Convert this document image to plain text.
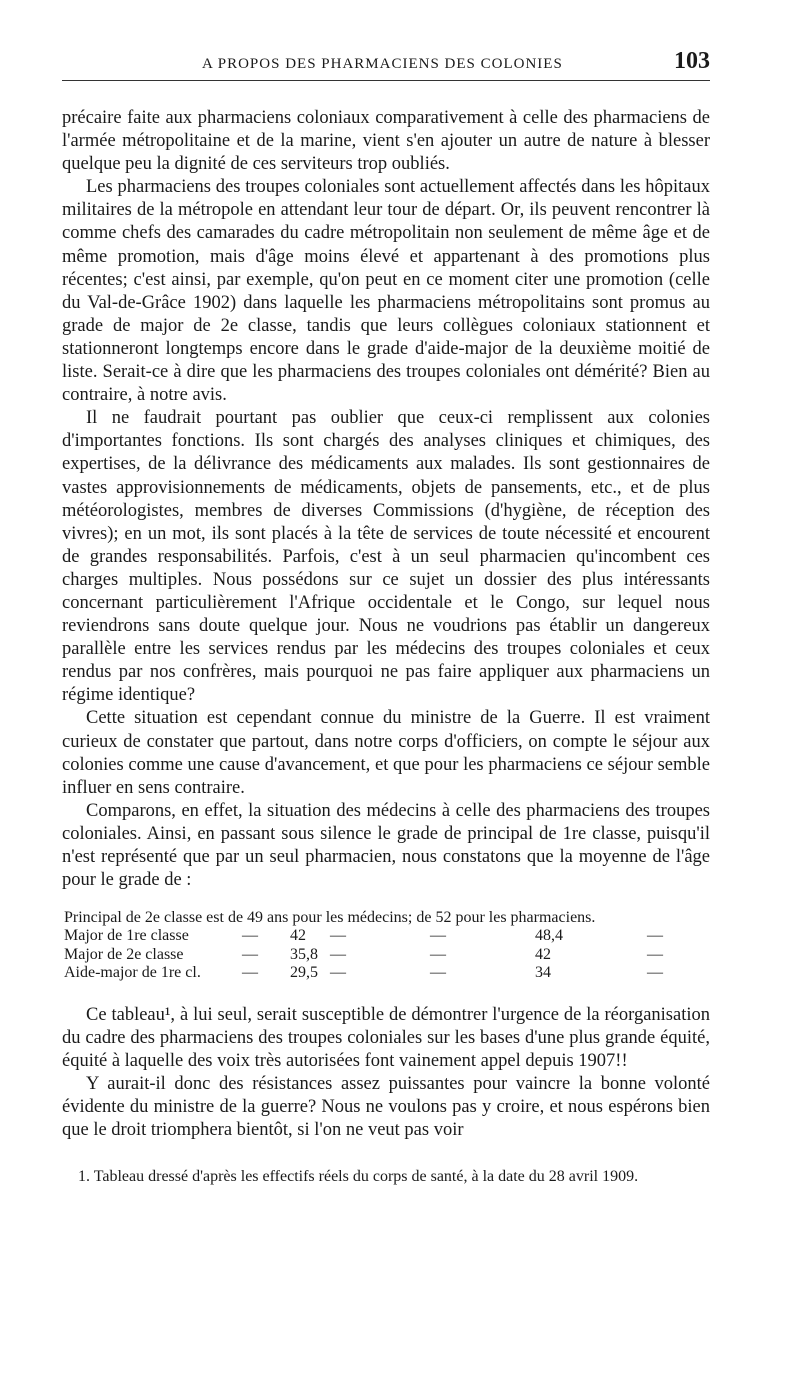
A PROPOS DES PHARMACIENS DES COLONIES	103

précaire faite aux pharmaciens coloniaux comparativement à celle des pharmaciens de l'armée métropolitaine et de la marine, vient s'en ajouter un autre de nature à blesser quelque peu la dignité de ces serviteurs trop oubliés.

Les pharmaciens des troupes coloniales sont actuellement affectés dans les hôpitaux militaires de la métropole en attendant leur tour de départ. Or, ils peuvent rencontrer là comme chefs des camarades du cadre métropolitain non seulement de même âge et de même promotion, mais d'âge moins élevé et appartenant à des promotions plus récentes; c'est ainsi, par exemple, qu'on peut en ce moment citer une promotion (celle du Val-de-Grâce 1902) dans laquelle les pharmaciens métropolitains sont promus au grade de major de 2e classe, tandis que leurs collègues coloniaux stationnent et stationneront longtemps encore dans le grade d'aide-major de la deuxième moitié de liste. Serait-ce à dire que les pharmaciens des troupes coloniales ont démérité? Bien au contraire, à notre avis.

Il ne faudrait pourtant pas oublier que ceux-ci remplissent aux colonies d'importantes fonctions. Ils sont chargés des analyses cliniques et chimiques, des expertises, de la délivrance des médicaments aux malades. Ils sont gestionnaires de vastes approvisionnements de médicaments, objets de pansements, etc., et de plus météorologistes, membres de diverses Commissions (d'hygiène, de réception des vivres); en un mot, ils sont placés à la tête de services de toute nécessité et encourent de grandes responsabilités. Parfois, c'est à un seul pharmacien qu'incombent ces charges multiples. Nous possédons sur ce sujet un dossier des plus intéressants concernant particulièrement l'Afrique occidentale et le Congo, sur lequel nous reviendrons sans doute quelque jour. Nous ne voudrions pas établir un dangereux parallèle entre les services rendus par les médecins des troupes coloniales et ceux rendus par nos confrères, mais pourquoi ne pas faire appliquer aux pharmaciens un régime identique?

Cette situation est cependant connue du ministre de la Guerre. Il est vraiment curieux de constater que partout, dans notre corps d'officiers, on compte le séjour aux colonies comme une cause d'avancement, et que pour les pharmaciens ce séjour semble influer en sens contraire.

Comparons, en effet, la situation des médecins à celle des pharmaciens des troupes coloniales. Ainsi, en passant sous silence le grade de principal de 1re classe, puisqu'il n'est représenté que par un seul pharmacien, nous constatons que la moyenne de l'âge pour le grade de :

Principal de 2e classe est de 49 ans pour les médecins; de 52 pour les pharmaciens.
Major de 1re classe	— 42 —	—	48,4	—
Major de 2e classe	— 35,8 —	—	42	—
Aide-major de 1re cl.	— 29,5 —	—	34	—

Ce tableau¹, à lui seul, serait susceptible de démontrer l'urgence de la réorganisation du cadre des pharmaciens des troupes coloniales sur les bases d'une plus grande équité, équité à laquelle des voix très autorisées font vainement appel depuis 1907!!

Y aurait-il donc des résistances assez puissantes pour vaincre la bonne volonté évidente du ministre de la guerre? Nous ne voulons pas y croire, et nous espérons bien que le droit triomphera bientôt, si l'on ne veut pas voir

1. Tableau dressé d'après les effectifs réels du corps de santé, à la date du 28 avril 1909.
